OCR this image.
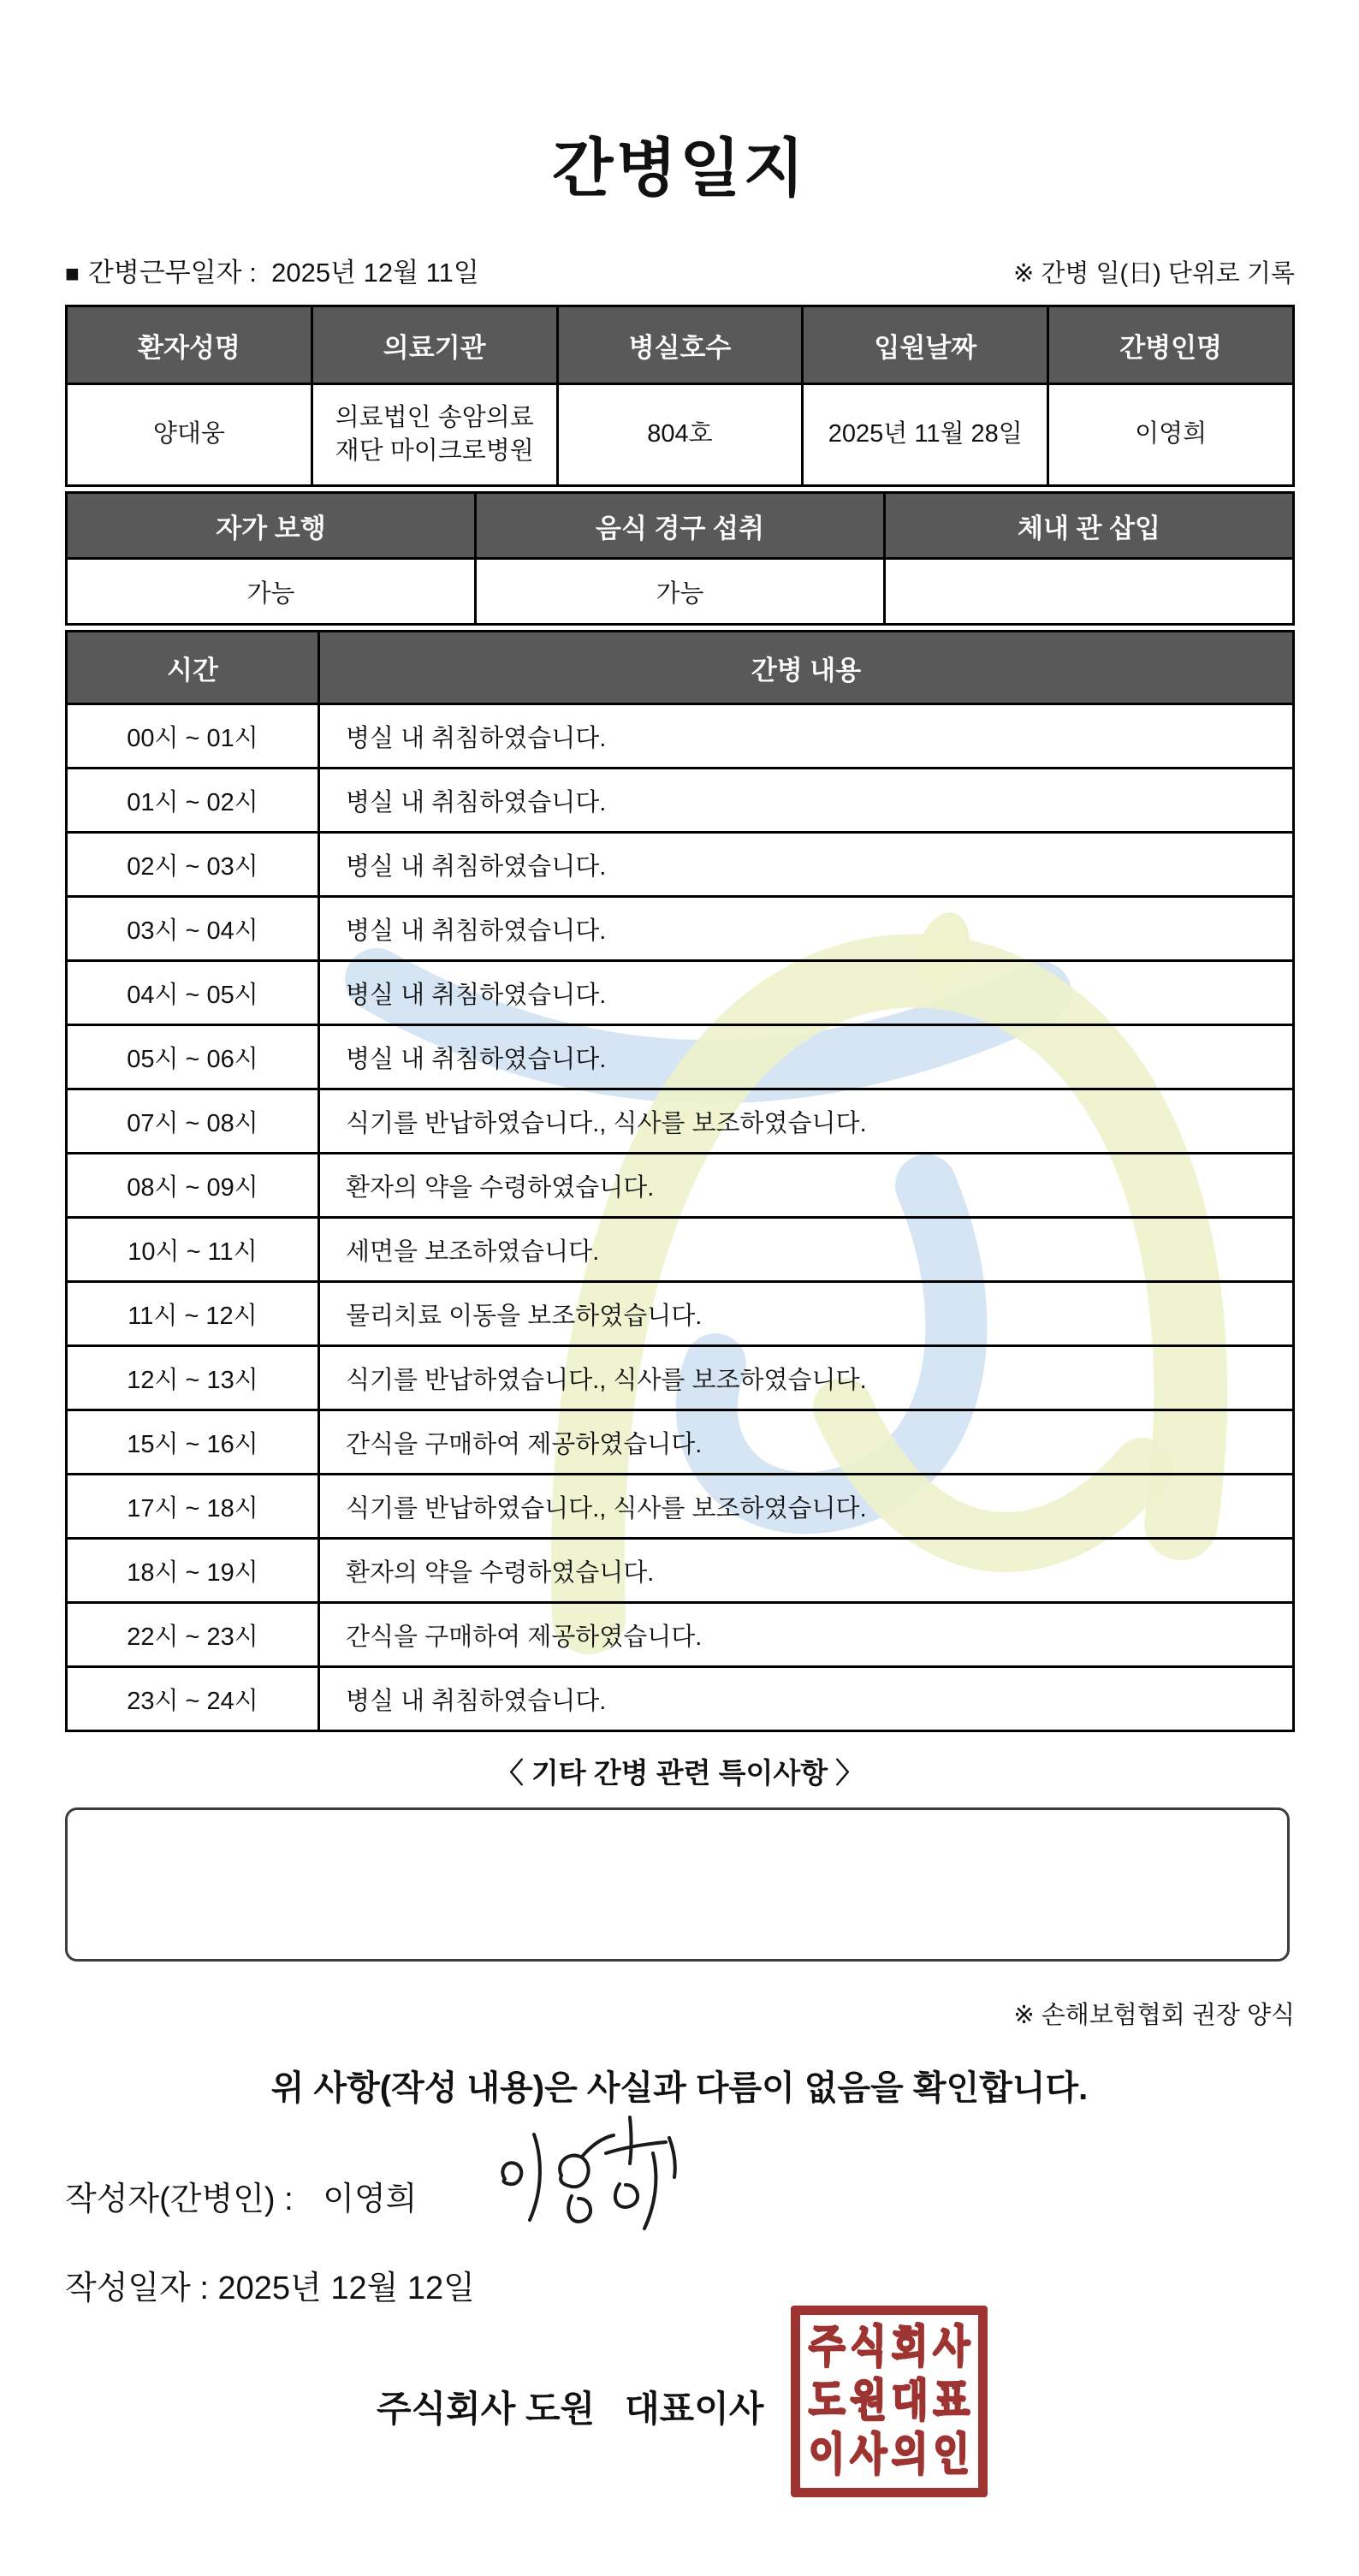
간병일지
■ 간병근무일자 : 2025년 12월 11일	※ 간병 일(日) 단위로 기록
환자성명	의료기관	병실호수	입원날짜	간병인명
양대웅	의료법인 송암의료 재단 마이크로병원	804호	2025년 11월 28일	이영희
자가 보행	음식 경구 섭취	체내 관 삽입
가능	가능	
시간	간병 내용
00시 ~ 01시	병실 내 취침하였습니다.
01시 ~ 02시	병실 내 취침하였습니다.
02시 ~ 03시	병실 내 취침하였습니다.
03시 ~ 04시	병실 내 취침하였습니다.
04시 ~ 05시	병실 내 취침하였습니다.
05시 ~ 06시	병실 내 취침하였습니다.
07시 ~ 08시	식기를 반납하였습니다., 식사를 보조하였습니다.
08시 ~ 09시	환자의 약을 수령하였습니다.
10시 ~ 11시	세면을 보조하였습니다.
11시 ~ 12시	물리치료 이동을 보조하였습니다.
12시 ~ 13시	식기를 반납하였습니다., 식사를 보조하였습니다.
15시 ~ 16시	간식을 구매하여 제공하였습니다.
17시 ~ 18시	식기를 반납하였습니다., 식사를 보조하였습니다.
18시 ~ 19시	환자의 약을 수령하였습니다.
22시 ~ 23시	간식을 구매하여 제공하였습니다.
23시 ~ 24시	병실 내 취침하였습니다.
〈 기타 간병 관련 특이사항 〉
※ 손해보험협회 권장 양식
위 사항(작성 내용)은 사실과 다름이 없음을 확인합니다.
작성자(간병인) : 이영희
작성일자 : 2025년 12월 12일
주식회사 도원   대표이사
주 식 회 사
도 원 대 표
이 사 의 인
